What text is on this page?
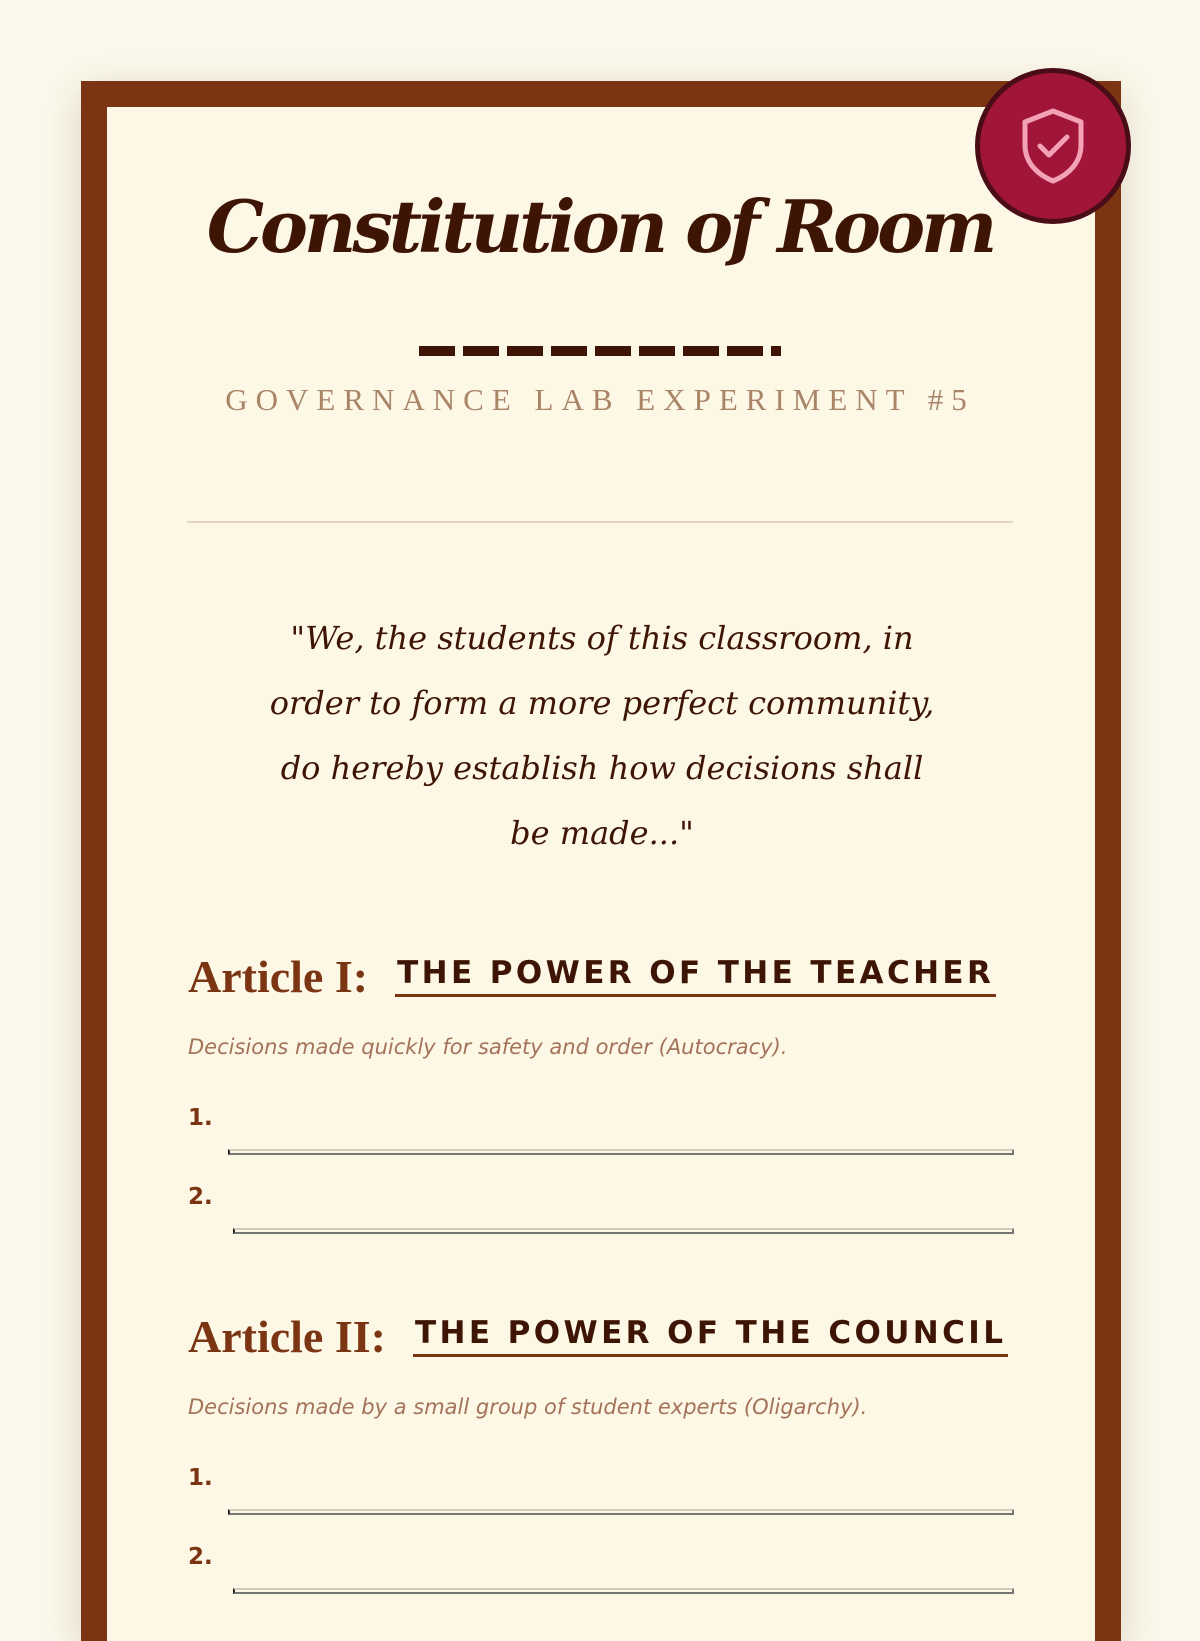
Constitution of Room
GOVERNANCE LAB EXPERIMENT #5

"We, the students of this classroom, in order to form a more perfect community, do hereby establish how decisions shall be made..."

Article I: THE POWER OF THE TEACHER
Decisions made quickly for safety and order (Autocracy).
1.
2.
Article II: THE POWER OF THE COUNCIL
Decisions made by a small group of student experts (Oligarchy).
1.
2.
